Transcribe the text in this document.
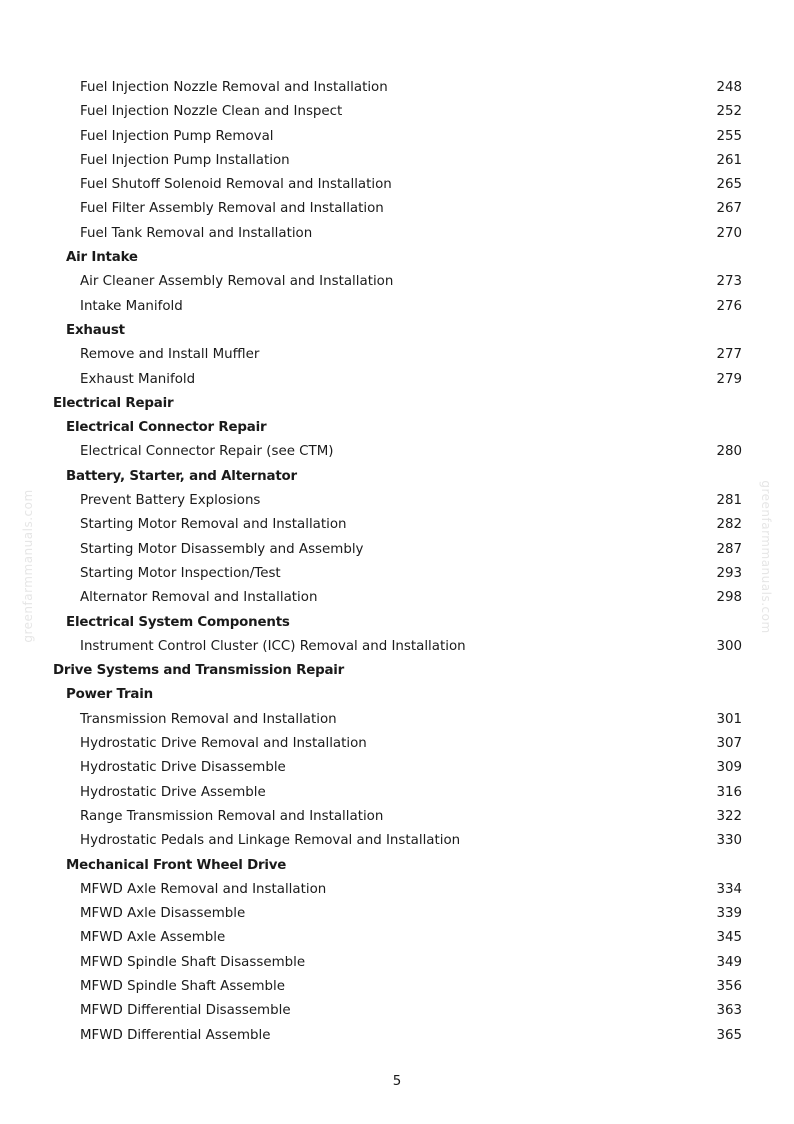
greenfarmmanuals.com	greenfarmmanuals.com
Fuel Injection Nozzle Removal and Installation	248
Fuel Injection Nozzle Clean and Inspect	252
Fuel Injection Pump Removal	255
Fuel Injection Pump Installation	261
Fuel Shutoff Solenoid Removal and Installation	265
Fuel Filter Assembly Removal and Installation	267
Fuel Tank Removal and Installation	270
Air Intake
Air Cleaner Assembly Removal and Installation	273
Intake Manifold	276
Exhaust
Remove and Install Muffler	277
Exhaust Manifold	279
Electrical Repair
Electrical Connector Repair
Electrical Connector Repair (see CTM)	280
Battery, Starter, and Alternator
Prevent Battery Explosions	281
Starting Motor Removal and Installation	282
Starting Motor Disassembly and Assembly	287
Starting Motor Inspection/Test	293
Alternator Removal and Installation	298
Electrical System Components
Instrument Control Cluster (ICC) Removal and Installation	300
Drive Systems and Transmission Repair
Power Train
Transmission Removal and Installation	301
Hydrostatic Drive Removal and Installation	307
Hydrostatic Drive Disassemble	309
Hydrostatic Drive Assemble	316
Range Transmission Removal and Installation	322
Hydrostatic Pedals and Linkage Removal and Installation	330
Mechanical Front Wheel Drive
MFWD Axle Removal and Installation	334
MFWD Axle Disassemble	339
MFWD Axle Assemble	345
MFWD Spindle Shaft Disassemble	349
MFWD Spindle Shaft Assemble	356
MFWD Differential Disassemble	363
MFWD Differential Assemble	365
5
